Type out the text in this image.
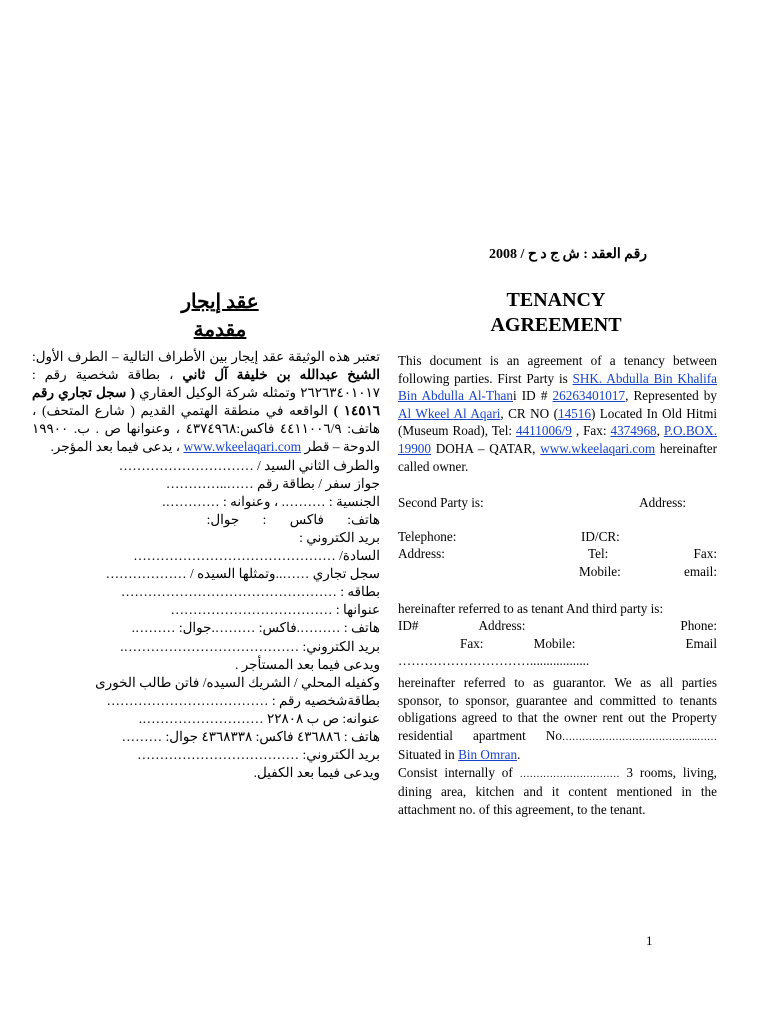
رقم العقد : ش ج د ح / 2008
TENANCY
AGREEMENT
عقد إيجار
مقدمة

This document is an agreement of a tenancy between following parties. First Party is SHK. Abdulla Bin Khalifa Bin Abdulla Al-Thani ID # 26263401017, Represented by Al Wkeel Al Aqari, CR NO (14516) Located In Old Hitmi (Museum Road), Tel: 4411006/9 , Fax: 4374968, P.O.BOX. 19900 DOHA – QATAR, www.wkeelaqari.com hereinafter called owner.

Second Party is:	Address:
Telephone:	ID/CR:
Address:	Tel:	Fax:
Mobile:	email:

hereinafter referred to as tenant And third party is:

ID#	Address:	Phone:
Fax:	Mobile:	Email
…………………………..................

hereinafter referred to as guarantor. We as all parties sponsor, to sponsor, guarantee and committed to tenants obligations agreed to that the owner rent out the Property residential apartment No…………………………………..…… Situated in Bin Omran.

Consist internally of ………………………… 3 rooms, living, dining area, kitchen and it content mentioned in the attachment no. of this agreement, to the tenant.

تعتبر هذه الوثيقة عقد إيجار بين الأطراف التالية – الطرف الأول: الشيخ عبدالله بن خليفة آل ثاني ، بطاقة شخصية رقم : ٢٦٢٦٣٤٠١٠١٧ وتمثله شركة الوكيل العقاري ( سجل تجاري رقم ١٤٥١٦ ) الواقعه في منطقة الهتمي القديم ( شارع المتحف) ، هاتف: ٤٤١١٠٠٦/٩ فاكس:٤٣٧٤٩٦٨ ، وعنوانها ص . ب. ١٩٩٠٠ الدوحة – قطر www.wkeelaqari.com ، يدعى فيما بعد المؤجر.

والطرف الثاني السيد / …………………………

جواز سفر / بطاقة رقم ……..…………

الجنسية : ………. ، وعنوانه : ………….

هاتف: فاكس : جوال:

بريد الكتروني :

السادة/ ………………………………………

سجل تجاري ……..وتمثلها السيده / ………………

بطاقه : …………………………………………

عنوانها : ………………………………

هاتف : ……….فاكس: ……….جوال: ……….

بريد الكتروني: ………………………………….

ويدعى فيما بعد المستأجر .

وكفيله المحلي / الشريك السيده/ فاتن طالب الخورى

بطاقةشخصيه رقم : ………………………………

عنوانه: ص ب ٢٢٨٠٨ ……………………….

هاتف : ٤٣٦٨٨٦ فاكس: ٤٣٦٨٣٣٨ جوال: ………

بريد الكتروني: ………………………………

ويدعى فيما بعد الكفيل.

1
